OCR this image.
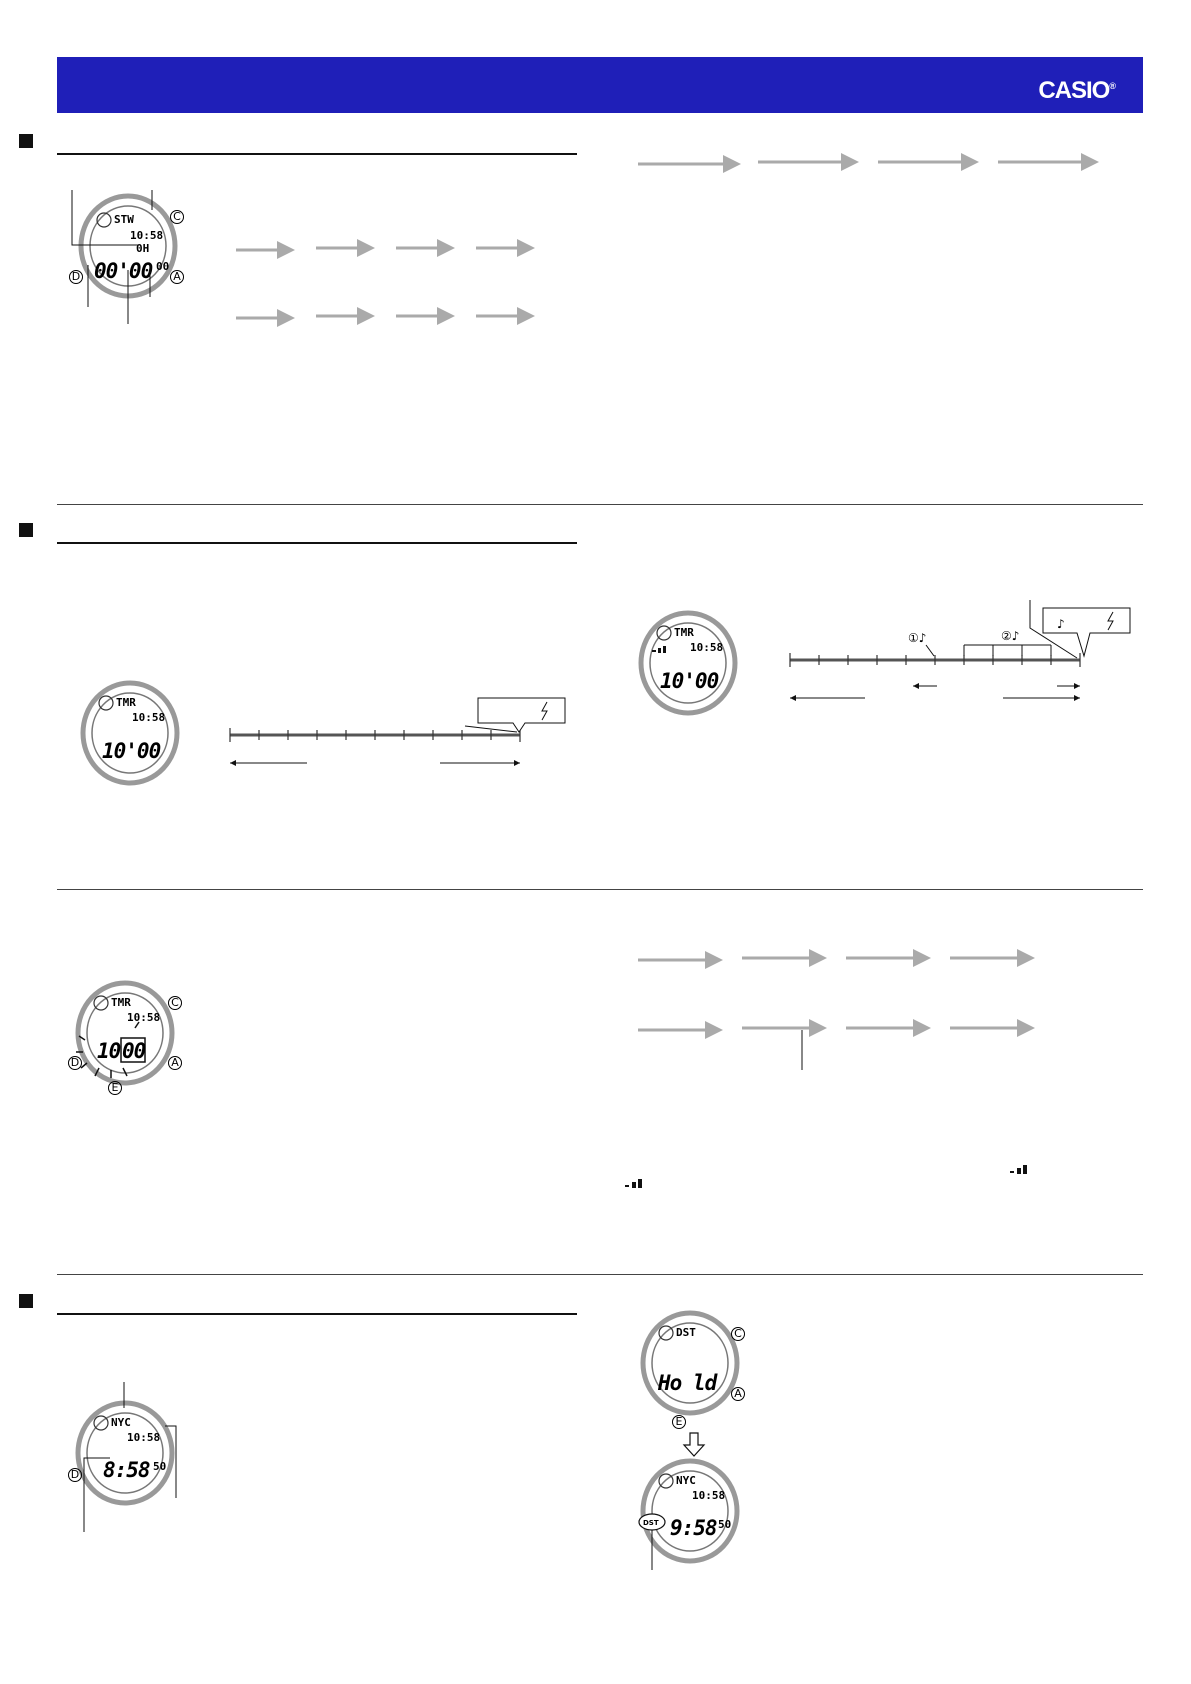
CASIO®
STW
10:58
0H
00'00 00
C
A
D
TMR
10:58
10'00
TMR
10:58
10'00
①♪	②♪
♪
TMR
10:58
10 00
C
A
D
E
NYC
10:58
8:58 50
D
DST
Ho ld
C
A
E
NYC
10:58
9:58 50
DST
